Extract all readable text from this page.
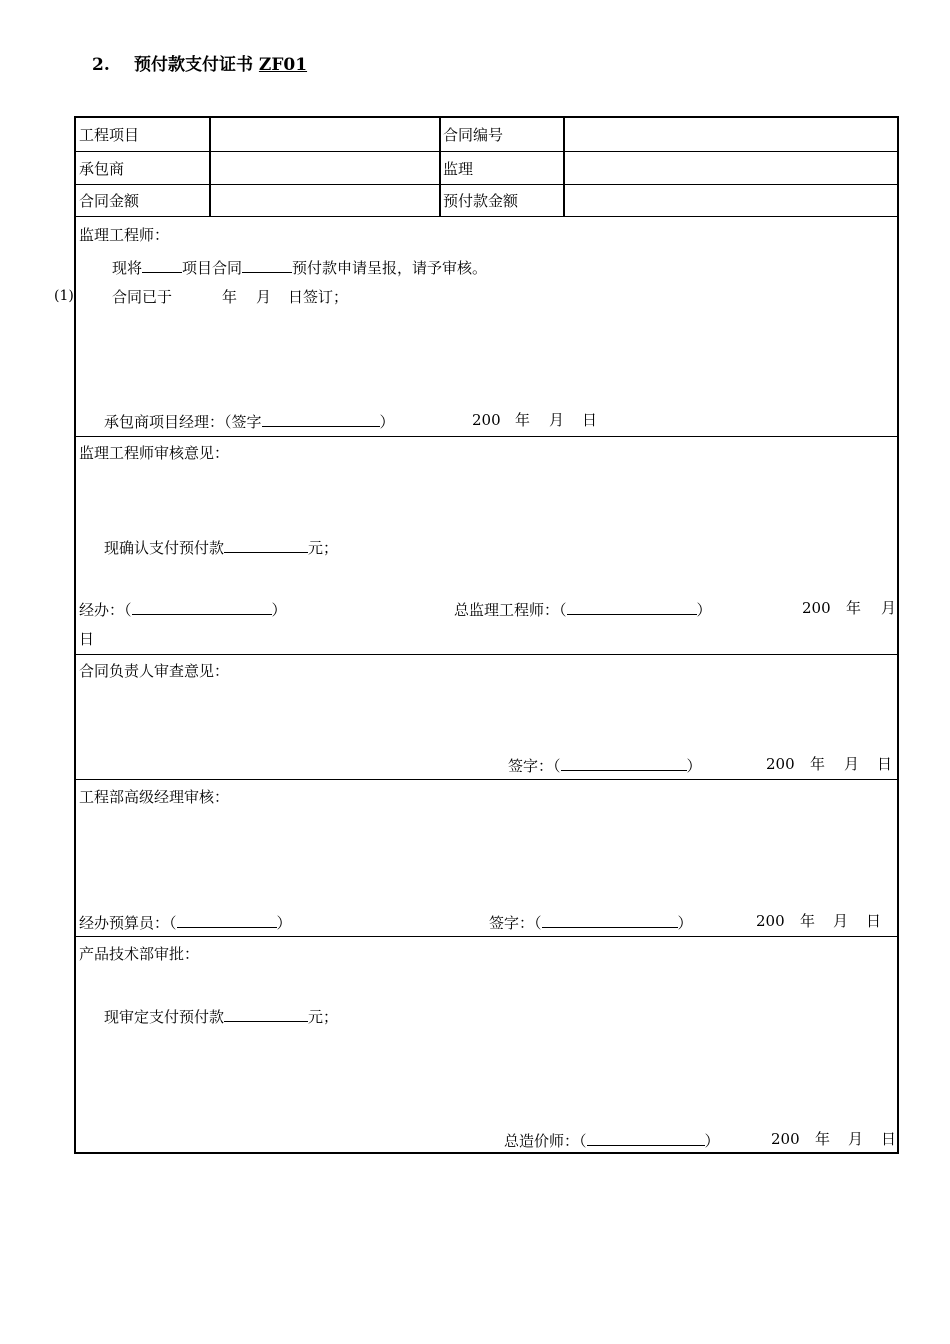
2. 预付款支付证书 ZF01
(1)
工程项目	合同编号
承包商	监理
合同金额	预付款金额
监理工程师：
现将	项目合同	预付款申请呈报，请予审核。
合同已于	年 月 日签订；
承包商项目经理：（签字	）	200 年 月 日
监理工程师审核意见：
现确认支付预付款	元；
经办：（	）	总监理工程师：（	）	200 年 月
日
合同负责人审查意见：
签字：（	）	200 年 月 日
工程部高级经理审核：
经办预算员：（	）	签字：（	）	200 年 月 日
产品技术部审批：
现审定支付预付款	元；
总造价师：（	）	200 年 月 日
